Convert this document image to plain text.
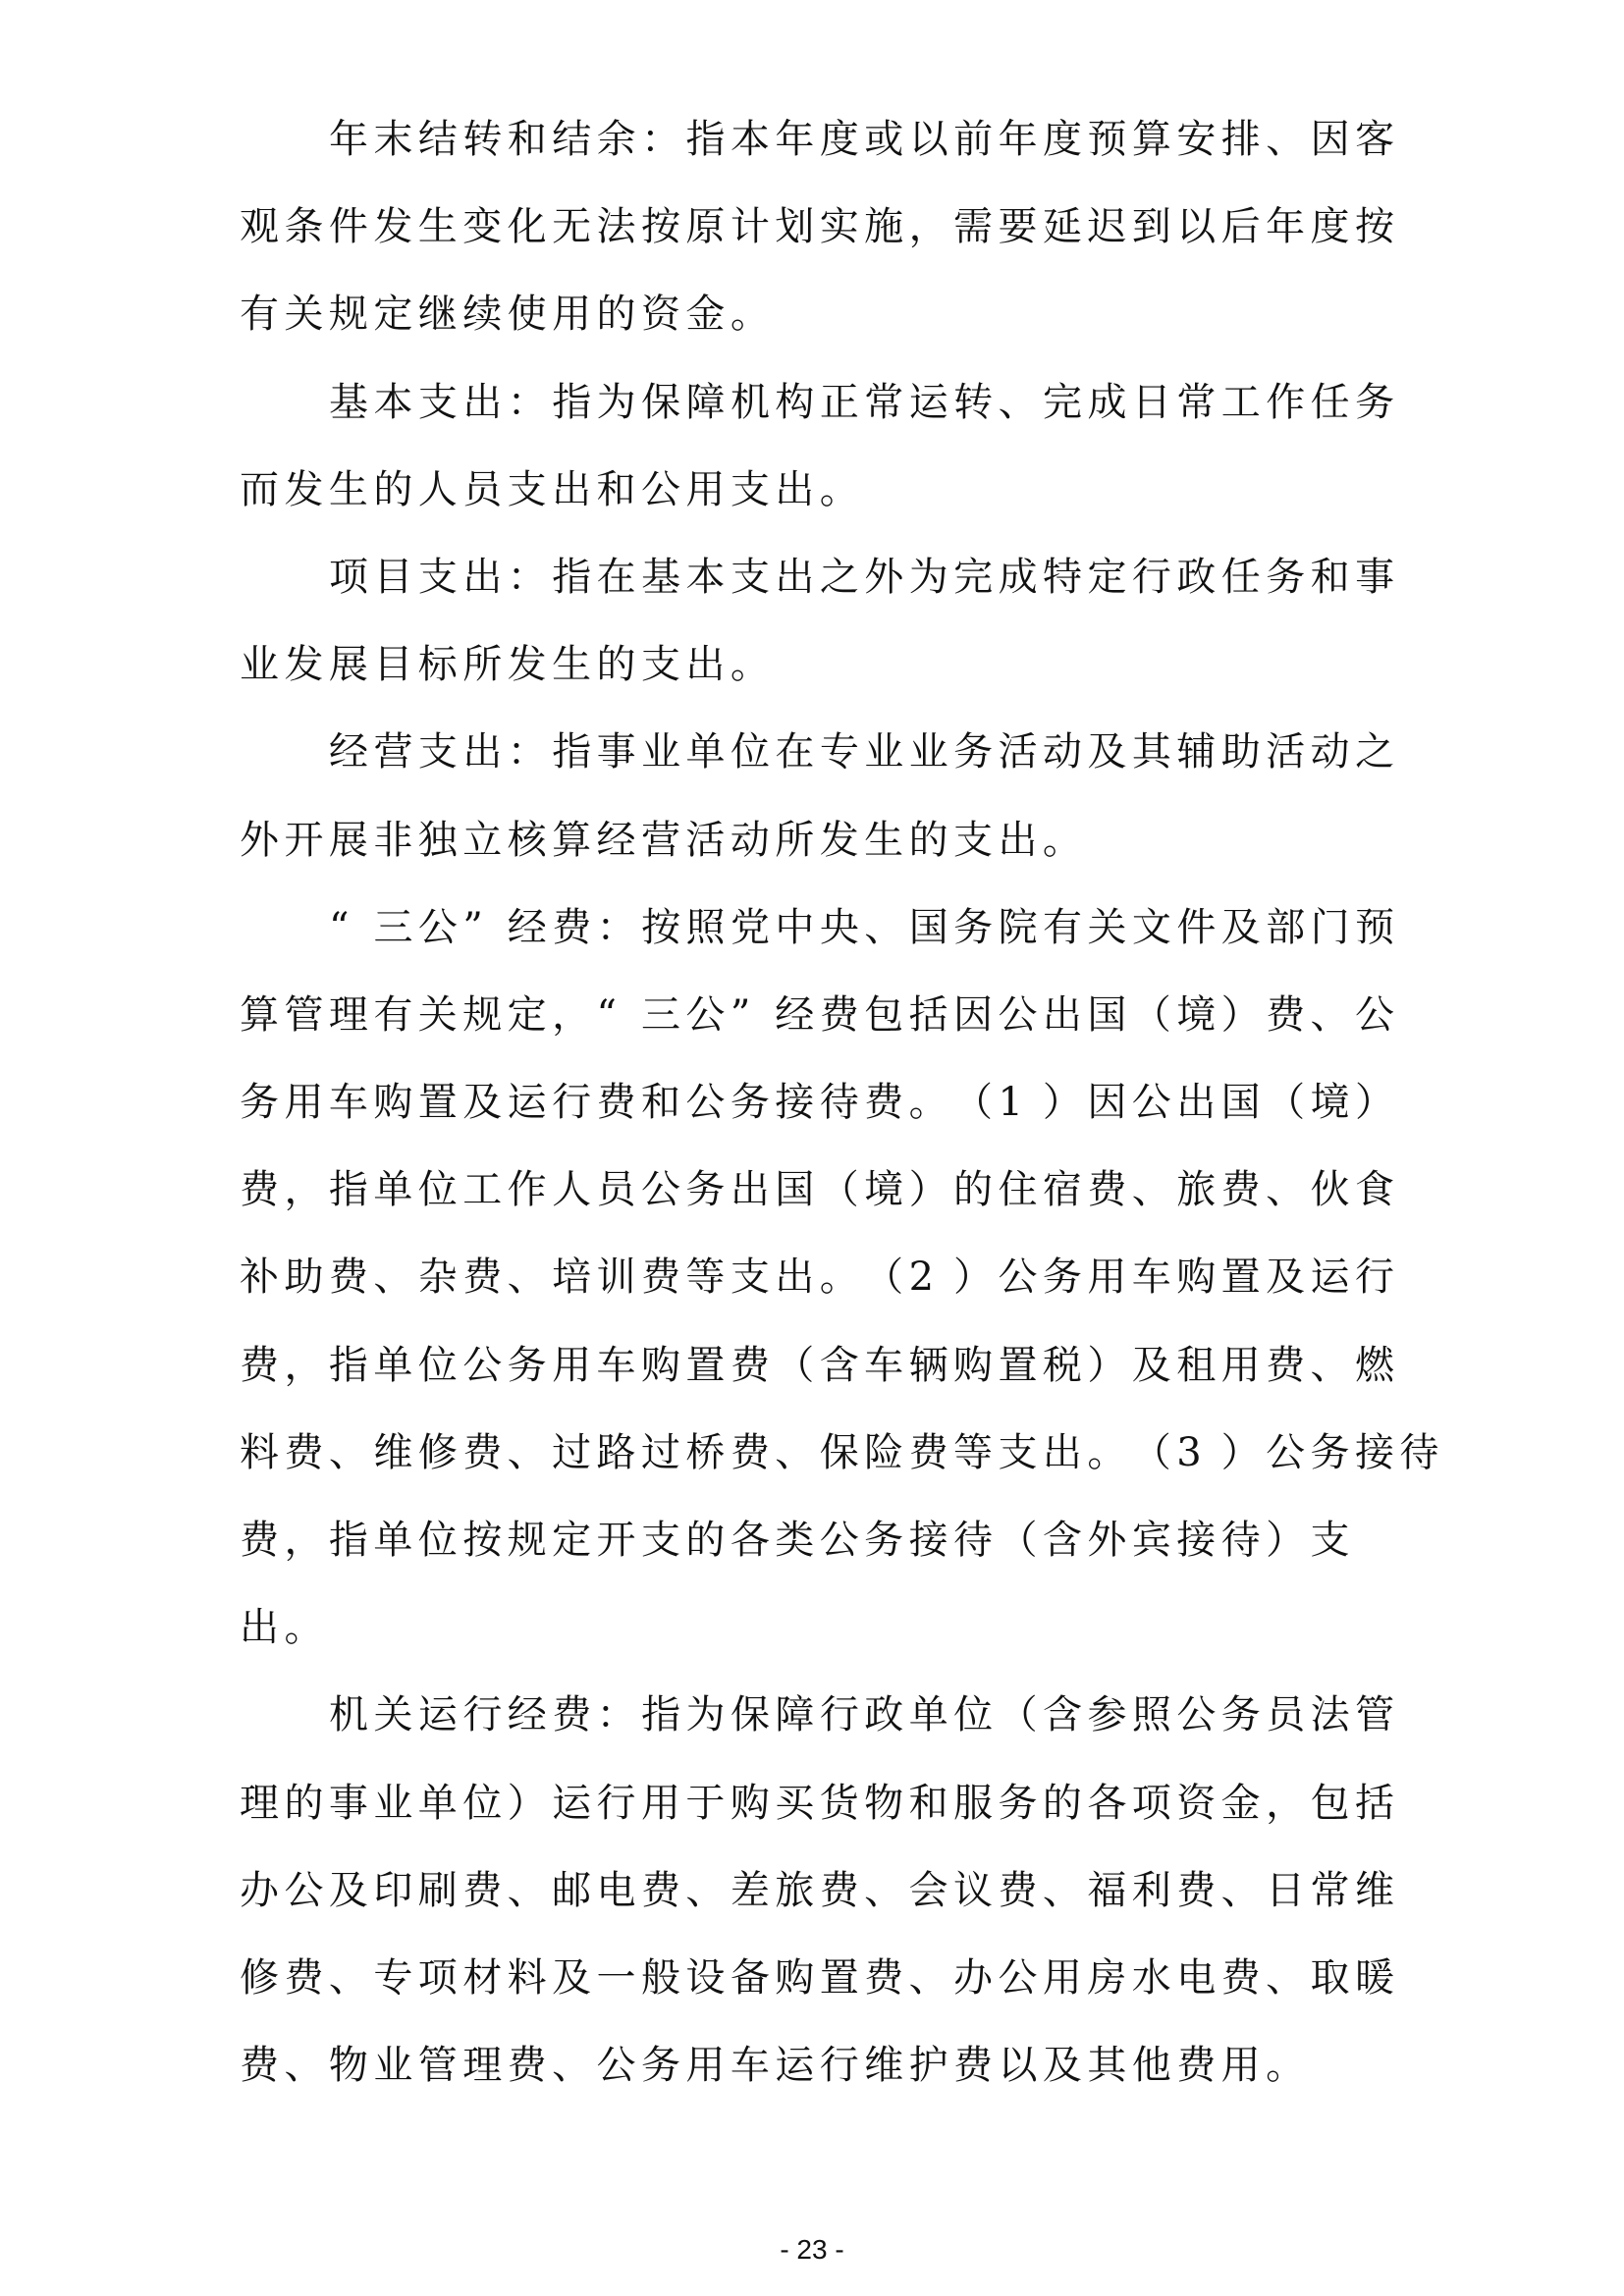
年 末 结 转 和 结 余 ： 指 本 年 度 或 以 前 年 度 预 算 安 排 、 因 客
观 条 件 发 生 变 化 无 法 按 原 计 划 实 施 ， 需 要 延 迟 到 以 后 年 度 按
有 关 规 定 继 续 使 用 的 资 金 。
基 本 支 出 ： 指 为 保 障 机 构 正 常 运 转 、 完 成 日 常 工 作 任 务
而 发 生 的 人 员 支 出 和 公 用 支 出 。
项 目 支 出 ： 指 在 基 本 支 出 之 外 为 完 成 特 定 行 政 任 务 和 事
业 发 展 目 标 所 发 生 的 支 出 。
经 营 支 出 ： 指 事 业 单 位 在 专 业 业 务 活 动 及 其 辅 助 活 动 之
外 开 展 非 独 立 核 算 经 营 活 动 所 发 生 的 支 出 。
“ 三 公 ” 经 费 ： 按 照 党 中 央 、 国 务 院 有 关 文 件 及 部 门 预
算 管 理 有 关 规 定 ， “ 三 公 ” 经 费 包 括 因 公 出 国 （ 境 ） 费 、 公
务 用 车 购 置 及 运 行 费 和 公 务 接 待 费 。 （ 1 ） 因 公 出 国 （ 境 ）
费 ， 指 单 位 工 作 人 员 公 务 出 国 （ 境 ） 的 住 宿 费 、 旅 费 、 伙 食
补 助 费 、 杂 费 、 培 训 费 等 支 出 。 （ 2 ） 公 务 用 车 购 置 及 运 行
费 ， 指 单 位 公 务 用 车 购 置 费 （ 含 车 辆 购 置 税 ） 及 租 用 费 、 燃
料 费 、 维 修 费 、 过 路 过 桥 费 、 保 险 费 等 支 出 。 （ 3 ） 公 务 接 待
费 ， 指 单 位 按 规 定 开 支 的 各 类 公 务 接 待 （ 含 外 宾 接 待 ） 支
出 。
机 关 运 行 经 费 ： 指 为 保 障 行 政 单 位 （ 含 参 照 公 务 员 法 管
理 的 事 业 单 位 ） 运 行 用 于 购 买 货 物 和 服 务 的 各 项 资 金 ， 包 括
办 公 及 印 刷 费 、 邮 电 费 、 差 旅 费 、 会 议 费 、 福 利 费 、 日 常 维
修 费 、 专 项 材 料 及 一 般 设 备 购 置 费 、 办 公 用 房 水 电 费 、 取 暖
费 、 物 业 管 理 费 、 公 务 用 车 运 行 维 护 费 以 及 其 他 费 用 。
- 23 -
